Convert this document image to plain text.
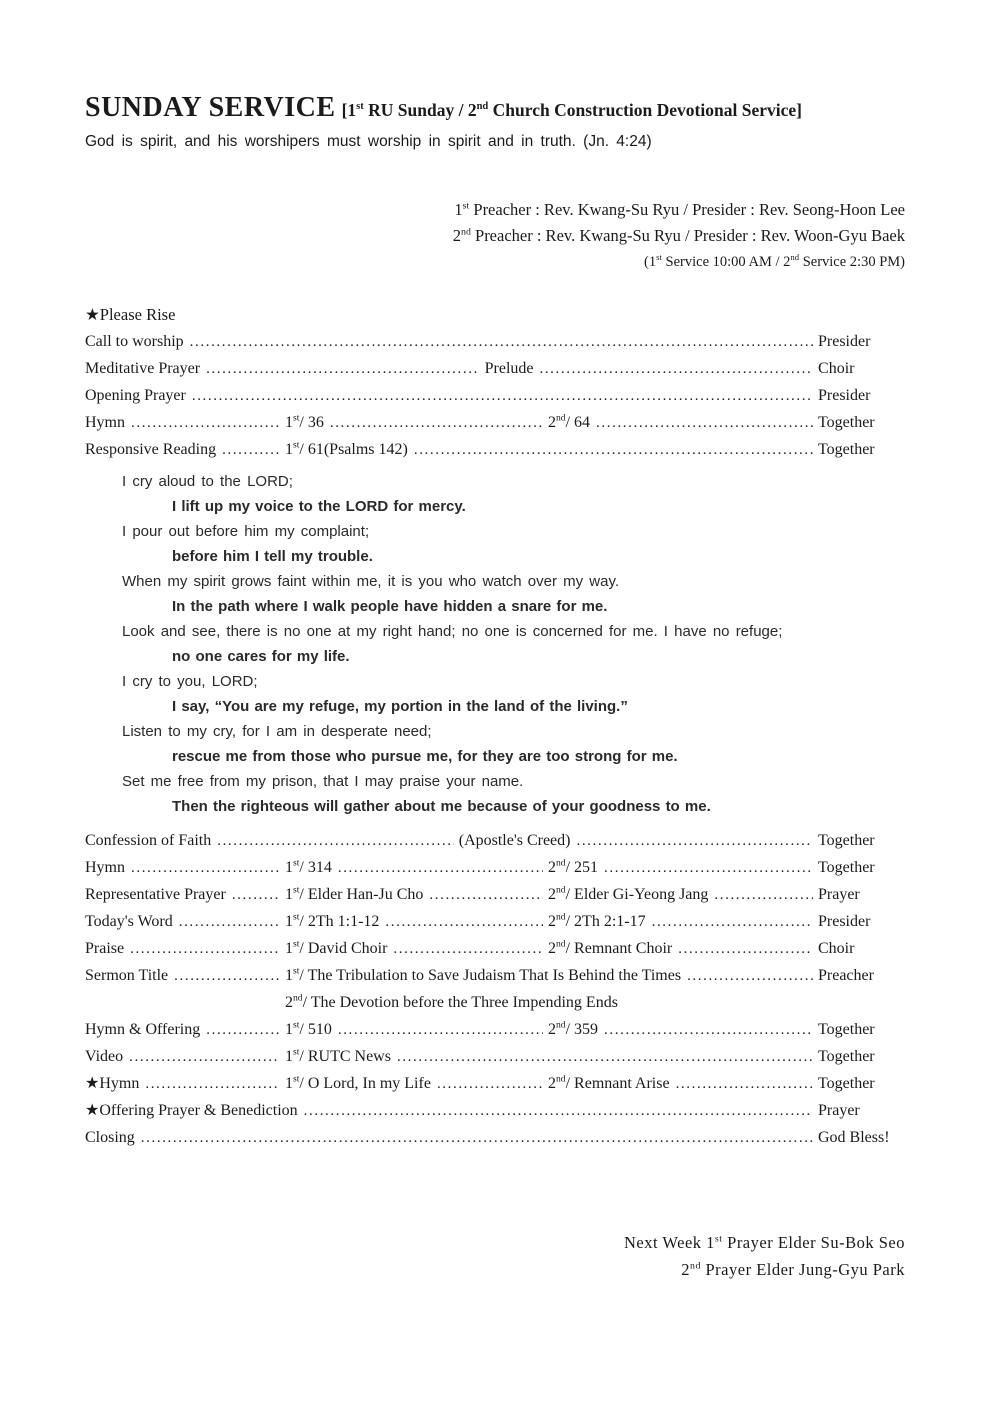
SUNDAY SERVICE [1st RU Sunday / 2nd Church Construction Devotional Service]

God is spirit, and his worshipers must worship in spirit and in truth. (Jn. 4:24)

1st Preacher : Rev. Kwang-Su Ryu / Presider : Rev. Seong-Hoon Lee
2nd Preacher : Rev. Kwang-Su Ryu / Presider : Rev. Woon-Gyu Baek
(1st Service 10:00 AM / 2nd Service 2:30 PM)
★Please Rise
Call to worship .....	Presider
Meditative Prayer .....	Prelude .....	Choir
Opening Prayer .....	Presider
Hymn .....	1st/ 36 .....	2nd/ 64 .....	Together
Responsive Reading .....	1st/ 61(Psalms 142) .....	Together
I cry aloud to the LORD;
I lift up my voice to the LORD for mercy.
I pour out before him my complaint;
before him I tell my trouble.
When my spirit grows faint within me, it is you who watch over my way.
In the path where I walk people have hidden a snare for me.
Look and see, there is no one at my right hand; no one is concerned for me. I have no refuge;
no one cares for my life.
I cry to you, LORD;
I say, “You are my refuge, my portion in the land of the living.”
Listen to my cry, for I am in desperate need;
rescue me from those who pursue me, for they are too strong for me.
Set me free from my prison, that I may praise your name.
Then the righteous will gather about me because of your goodness to me.
Confession of Faith .....	(Apostle's Creed) .....	Together
Hymn .....	1st/ 314 .....	2nd/ 251 .....	Together
Representative Prayer .....	1st/ Elder Han-Ju Cho .....	2nd/ Elder Gi-Yeong Jang .....	Prayer
Today's Word .....	1st/ 2Th 1:1-12 .....	2nd/ 2Th 2:1-17 .....	Presider
Praise .....	1st/ David Choir .....	2nd/ Remnant Choir .....	Choir
Sermon Title .....	1st/ The Tribulation to Save Judaism That Is Behind the Times .....	Preacher
2nd/ The Devotion before the Three Impending Ends
Hymn & Offering .....	1st/ 510 .....	2nd/ 359 .....	Together
Video .....	1st/ RUTC News .....	Together
★Hymn .....	1st/ O Lord, In my Life .....	2nd/ Remnant Arise .....	Together
★Offering Prayer & Benediction .....	Prayer
Closing .....	God Bless!
Next Week 1st Prayer Elder Su-Bok Seo
2nd Prayer Elder Jung-Gyu Park
